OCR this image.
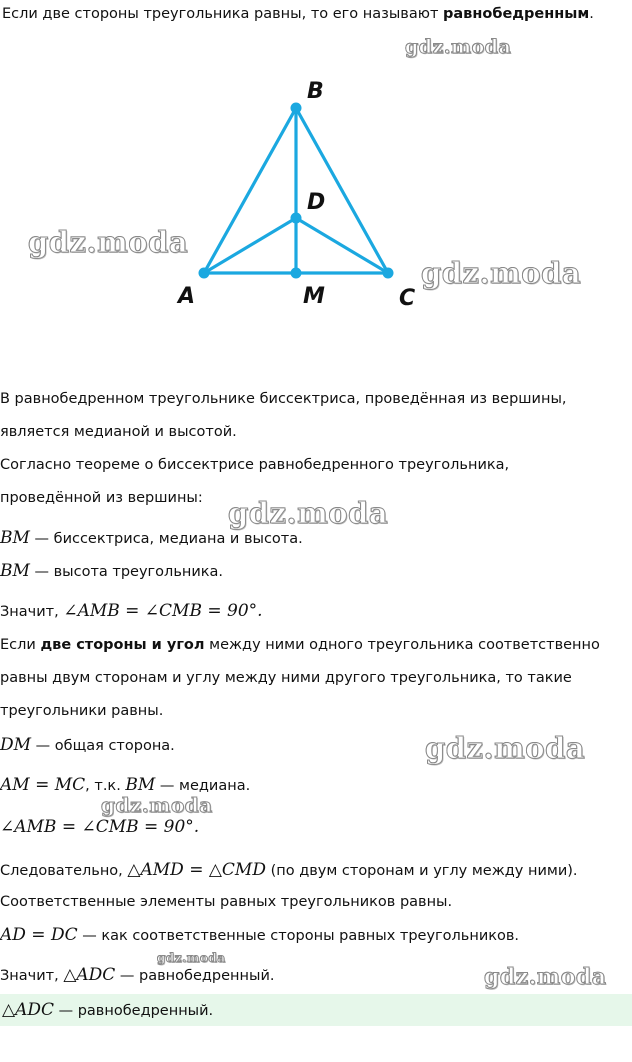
Если две стороны треугольника равны, то его называют равнобедренным.
gdz.moda
B
D
A	M	C
gdz.moda
gdz.moda
В равнобедренном треугольнике биссектриса, проведённая из вершины,
является медианой и высотой.
Согласно теореме о биссектрисе равнобедренного треугольника,
проведённой из вершины: gdz.moda
BM — биссектриса, медиана и высота.
BM — высота треугольника.
Значит, ∠AMB = ∠CMB = 90°.
Если две стороны и угол между ними одного треугольника соответственно
равны двум сторонам и углу между ними другого треугольника, то такие
треугольники равны.
DM — общая сторона.	gdz.moda
AM = MC, т.к. BM — медиана.
gdz.moda
∠AMB = ∠CMB = 90°.
Следовательно, △AMD = △CMD (по двум сторонам и углу между ними).
Соответственные элементы равных треугольников равны.
AD = DC — как соответственные стороны равных треугольников.
gdz.moda
Значит, △ADC — равнобедренный.	gdz.moda
△ADC — равнобедренный.
